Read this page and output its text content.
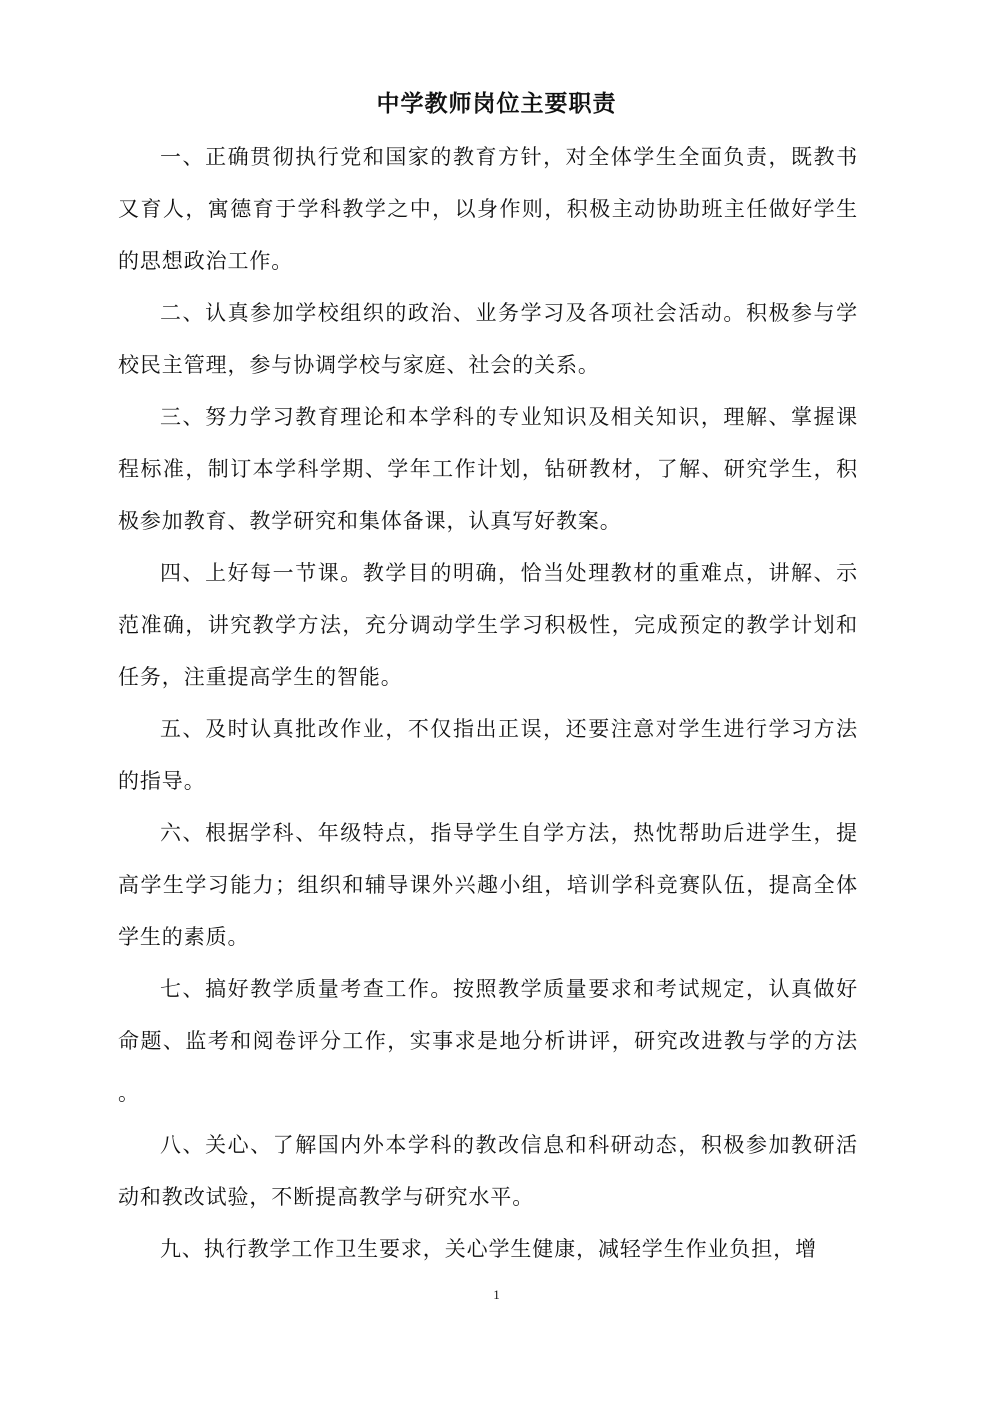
中学教师岗位主要职责

一、正确贯彻执行党和国家的教育方针，对全体学生全面负责，既教书又育人，寓德育于学科教学之中，以身作则，积极主动协助班主任做好学生的思想政治工作。

二、认真参加学校组织的政治、业务学习及各项社会活动。积极参与学校民主管理，参与协调学校与家庭、社会的关系。

三、努力学习教育理论和本学科的专业知识及相关知识，理解、掌握课程标准，制订本学科学期、学年工作计划，钻研教材，了解、研究学生，积极参加教育、教学研究和集体备课，认真写好教案。

四、上好每一节课。教学目的明确，恰当处理教材的重难点，讲解、示范准确，讲究教学方法，充分调动学生学习积极性，完成预定的教学计划和任务，注重提高学生的智能。

五、及时认真批改作业，不仅指出正误，还要注意对学生进行学习方法的指导。

六、根据学科、年级特点，指导学生自学方法，热忱帮助后进学生，提高学生学习能力；组织和辅导课外兴趣小组，培训学科竞赛队伍，提高全体学生的素质。

七、搞好教学质量考查工作。按照教学质量要求和考试规定，认真做好命题、监考和阅卷评分工作，实事求是地分析讲评，研究改进教与学的方法。

八、关心、了解国内外本学科的教改信息和科研动态，积极参加教研活动和教改试验，不断提高教学与研究水平。

九、执行教学工作卫生要求，关心学生健康，减轻学生作业负担，增

1
